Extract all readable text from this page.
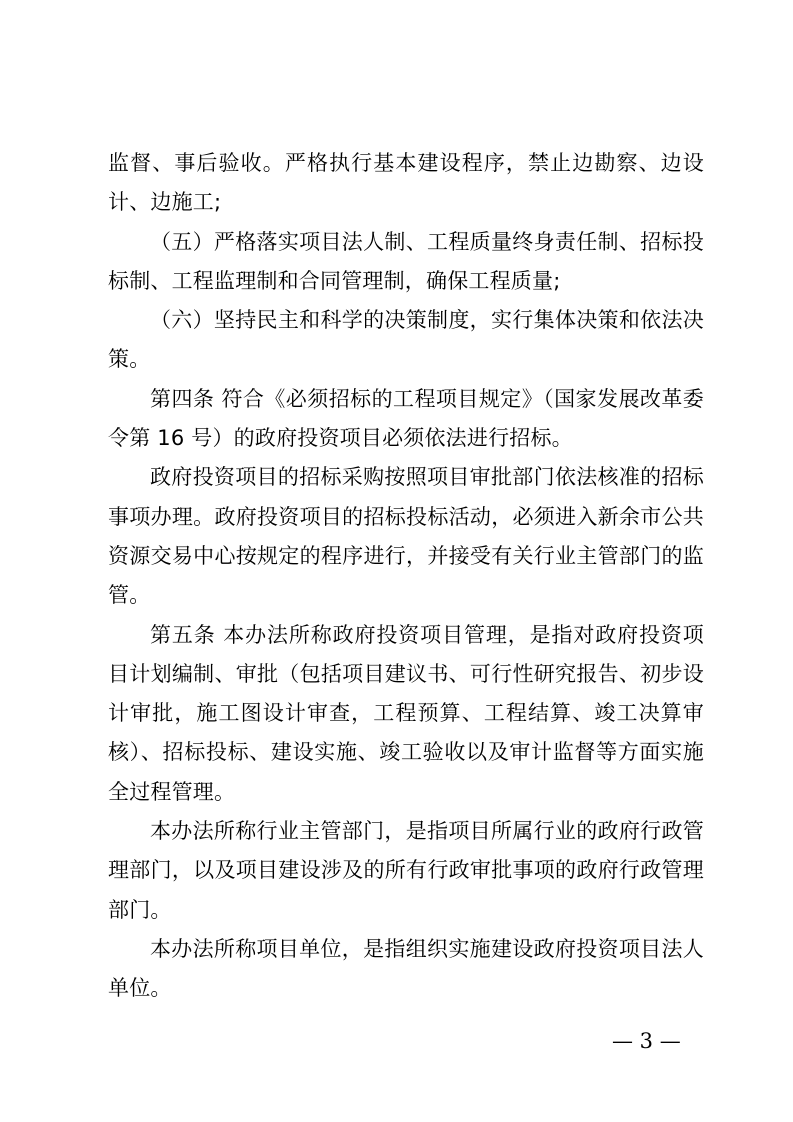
监督、事后验收。严格执行基本建设程序，禁止边勘察、边设计、边施工;

（五）严格落实项目法人制、工程质量终身责任制、招标投标制、工程监理制和合同管理制，确保工程质量;

（六）坚持民主和科学的决策制度，实行集体决策和依法决策。

第四条 符合《必须招标的工程项目规定》（国家发展改革委令第 16 号）的政府投资项目必须依法进行招标。

政府投资项目的招标采购按照项目审批部门依法核准的招标事项办理。政府投资项目的招标投标活动，必须进入新余市公共资源交易中心按规定的程序进行，并接受有关行业主管部门的监管。

第五条 本办法所称政府投资项目管理，是指对政府投资项目计划编制、审批（包括项目建议书、可行性研究报告、初步设计审批，施工图设计审查，工程预算、工程结算、竣工决算审核）、招标投标、建设实施、竣工验收以及审计监督等方面实施全过程管理。

本办法所称行业主管部门，是指项目所属行业的政府行政管理部门，以及项目建设涉及的所有行政审批事项的政府行政管理部门。

本办法所称项目单位，是指组织实施建设政府投资项目法人单位。

— 3 —
